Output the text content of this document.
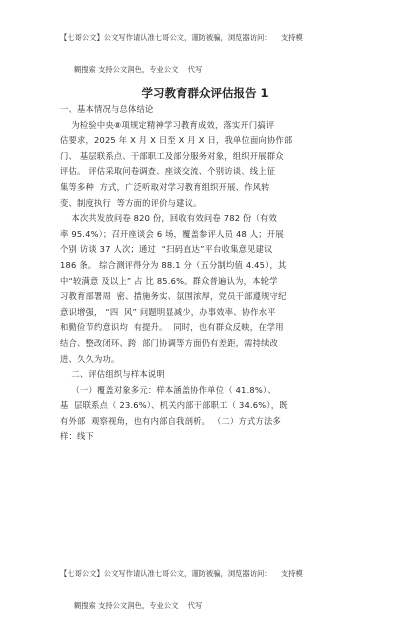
【七哥公文】公文写作请认准七哥公文，谨防被骗，浏览器访问：    支持模

糊搜索 支持公文润色，专业公文    代写

学习教育群众评估报告 1

一、基本情况与总体结论

为检验中央⑧项规定精神学习教育成效，落实开门搞评

估要求，2025 年 X 月 X 日至 X 月 X 日，我单位面向协作部

门、 基层联系点、干部职工及部分服务对象，组织开展群众

评估。 评估采取问卷调查、座谈交流、个别访谈、线上征

集等多种  方式，广泛听取对学习教育组织开展、作风转

变、制度执行  等方面的评价与建议。

本次共发放问卷 820 份，回收有效问卷 782 份（有效

率 95.4%）；召开座谈会 6 场，覆盖参评人员 48 人；开展

个别 访谈 37 人次；通过  “扫码直达”平台收集意见建议

186 条。 综合测评得分为 88.1 分（五分制均值 4.45），其

中“较满意 及以上” 占 比 85.6%。群众普遍认为，本轮学

习教育部署周  密、措施务实、氛围浓厚，党员干部遵规守纪

意识增强， “四  风” 问题明显减少，办事效率、协作水平

和勤俭节约意识均  有提升。  同时，也有群众反映，在学用

结合、整改闭环、跨  部门协调等方面仍有差距，需持续改

进、久久为功。

二、评估组织与样本说明

（一）覆盖对象多元：样本涵盖协作单位（ 41.8%）、

基  层联系点（ 23.6%）、机关内部干部职工（ 34.6%），既

有外部  观察视角，也有内部自我剖析。 （二）方式方法多

样：线下

【七哥公文】公文写作请认准七哥公文，谨防被骗，浏览器访问：    支持模

糊搜索 支持公文润色，专业公文    代写
